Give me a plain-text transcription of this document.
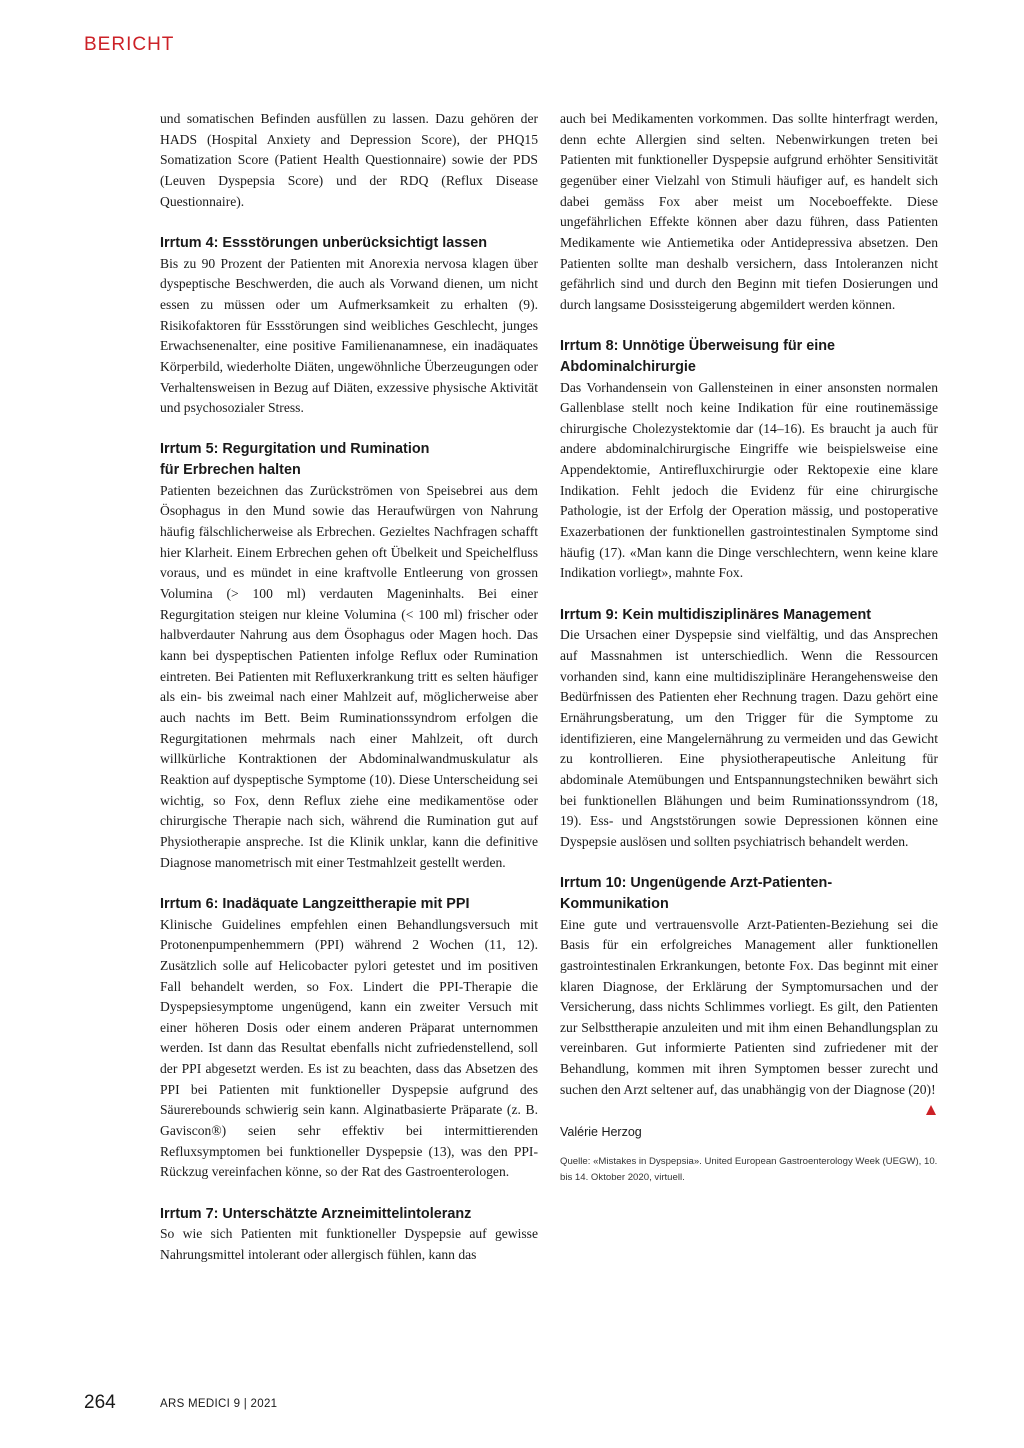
BERICHT

und somatischen Befinden ausfüllen zu lassen. Dazu gehören der HADS (Hospital Anxiety and Depression Score), der PHQ15 Somatization Score (Patient Health Questionnaire) sowie der PDS (Leuven Dyspepsia Score) und der RDQ (Reflux Disease Questionnaire).

Irrtum 4: Essstörungen unberücksichtigt lassen

Bis zu 90 Prozent der Patienten mit Anorexia nervosa klagen über dyspeptische Beschwerden, die auch als Vorwand dienen, um nicht essen zu müssen oder um Aufmerksamkeit zu erhalten (9). Risikofaktoren für Essstörungen sind weibliches Geschlecht, junges Erwachsenenalter, eine positive Familienanamnese, ein inadäquates Körperbild, wiederholte Diäten, ungewöhnliche Überzeugungen oder Verhaltensweisen in Bezug auf Diäten, exzessive physische Aktivität und psychosozialer Stress.

Irrtum 5: Regurgitation und Rumination

für Erbrechen halten

Patienten bezeichnen das Zurückströmen von Speisebrei aus dem Ösophagus in den Mund sowie das Heraufwürgen von Nahrung häufig fälschlicherweise als Erbrechen. Gezieltes Nachfragen schafft hier Klarheit. Einem Erbrechen gehen oft Übelkeit und Speichelfluss voraus, und es mündet in eine kraftvolle Entleerung von grossen Volumina (> 100 ml) verdauten Mageninhalts. Bei einer Regurgitation steigen nur kleine Volumina (< 100 ml) frischer oder halbverdauter Nahrung aus dem Ösophagus oder Magen hoch. Das kann bei dyspeptischen Patienten infolge Reflux oder Rumination eintreten. Bei Patienten mit Refluxerkrankung tritt es selten häufiger als ein- bis zweimal nach einer Mahlzeit auf, möglicherweise aber auch nachts im Bett. Beim Ruminationssyndrom erfolgen die Regurgitationen mehrmals nach einer Mahlzeit, oft durch willkürliche Kontraktionen der Abdominalwandmuskulatur als Reaktion auf dyspeptische Symptome (10). Diese Unterscheidung sei wichtig, so Fox, denn Reflux ziehe eine medikamentöse oder chirurgische Therapie nach sich, während die Rumination gut auf Physiotherapie anspreche. Ist die Klinik unklar, kann die definitive Diagnose manometrisch mit einer Testmahlzeit gestellt werden.

Irrtum 6: Inadäquate Langzeittherapie mit PPI

Klinische Guidelines empfehlen einen Behandlungsversuch mit Protonenpumpenhemmern (PPI) während 2 Wochen (11, 12). Zusätzlich solle auf Helicobacter pylori getestet und im positiven Fall behandelt werden, so Fox. Lindert die PPI-Therapie die Dyspepsiesymptome ungenügend, kann ein zweiter Versuch mit einer höheren Dosis oder einem anderen Präparat unternommen werden. Ist dann das Resultat ebenfalls nicht zufriedenstellend, soll der PPI abgesetzt werden. Es ist zu beachten, dass das Absetzen des PPI bei Patienten mit funktioneller Dyspepsie aufgrund des Säurerebounds schwierig sein kann. Alginatbasierte Präparate (z. B. Gaviscon®) seien sehr effektiv bei intermittierenden Refluxsymptomen bei funktioneller Dyspepsie (13), was den PPI-Rückzug vereinfachen könne, so der Rat des Gastroenterologen.

Irrtum 7: Unterschätzte Arzneimittelintoleranz

So wie sich Patienten mit funktioneller Dyspepsie auf gewisse Nahrungsmittel intolerant oder allergisch fühlen, kann das

auch bei Medikamenten vorkommen. Das sollte hinterfragt werden, denn echte Allergien sind selten. Nebenwirkungen treten bei Patienten mit funktioneller Dyspepsie aufgrund erhöhter Sensitivität gegenüber einer Vielzahl von Stimuli häufiger auf, es handelt sich dabei gemäss Fox aber meist um Noceboeffekte. Diese ungefährlichen Effekte können aber dazu führen, dass Patienten Medikamente wie Antiemetika oder Antidepressiva absetzen. Den Patienten sollte man deshalb versichern, dass Intoleranzen nicht gefährlich sind und durch den Beginn mit tiefen Dosierungen und durch langsame Dosissteigerung abgemildert werden können.

Irrtum 8: Unnötige Überweisung für eine

Abdominalchirurgie

Das Vorhandensein von Gallensteinen in einer ansonsten normalen Gallenblase stellt noch keine Indikation für eine routinemässige chirurgische Cholezystektomie dar (14–16). Es braucht ja auch für andere abdominalchirurgische Eingriffe wie beispielsweise eine Appendektomie, Antirefluxchirurgie oder Rektopexie eine klare Indikation. Fehlt jedoch die Evidenz für eine chirurgische Pathologie, ist der Erfolg der Operation mässig, und postoperative Exazerbationen der funktionellen gastrointestinalen Symptome sind häufig (17). «Man kann die Dinge verschlechtern, wenn keine klare Indikation vorliegt», mahnte Fox.

Irrtum 9: Kein multidisziplinäres Management

Die Ursachen einer Dyspepsie sind vielfältig, und das Ansprechen auf Massnahmen ist unterschiedlich. Wenn die Ressourcen vorhanden sind, kann eine multidisziplinäre Herangehensweise den Bedürfnissen des Patienten eher Rechnung tragen. Dazu gehört eine Ernährungsberatung, um den Trigger für die Symptome zu identifizieren, eine Mangelernährung zu vermeiden und das Gewicht zu kontrollieren. Eine physiotherapeutische Anleitung für abdominale Atemübungen und Entspannungstechniken bewährt sich bei funktionellen Blähungen und beim Ruminationssyndrom (18, 19). Ess- und Angststörungen sowie Depressionen können eine Dyspepsie auslösen und sollten psychiatrisch behandelt werden.

Irrtum 10: Ungenügende Arzt-Patienten-

Kommunikation

Eine gute und vertrauensvolle Arzt-Patienten-Beziehung sei die Basis für ein erfolgreiches Management aller funktionellen gastrointestinalen Erkrankungen, betonte Fox. Das beginnt mit einer klaren Diagnose, der Erklärung der Symptomursachen und der Versicherung, dass nichts Schlimmes vorliegt. Es gilt, den Patienten zur Selbsttherapie anzuleiten und mit ihm einen Behandlungsplan zu vereinbaren. Gut informierte Patienten sind zufriedener mit der Behandlung, kommen mit ihren Symptomen besser zurecht und suchen den Arzt seltener auf, das unabhängig von der Diagnose (20)!

Valérie Herzog

Quelle: «Mistakes in Dyspepsia». United European Gastroenterology Week (UEGW), 10. bis 14. Oktober 2020, virtuell.

264	ARS MEDICI 9 | 2021
